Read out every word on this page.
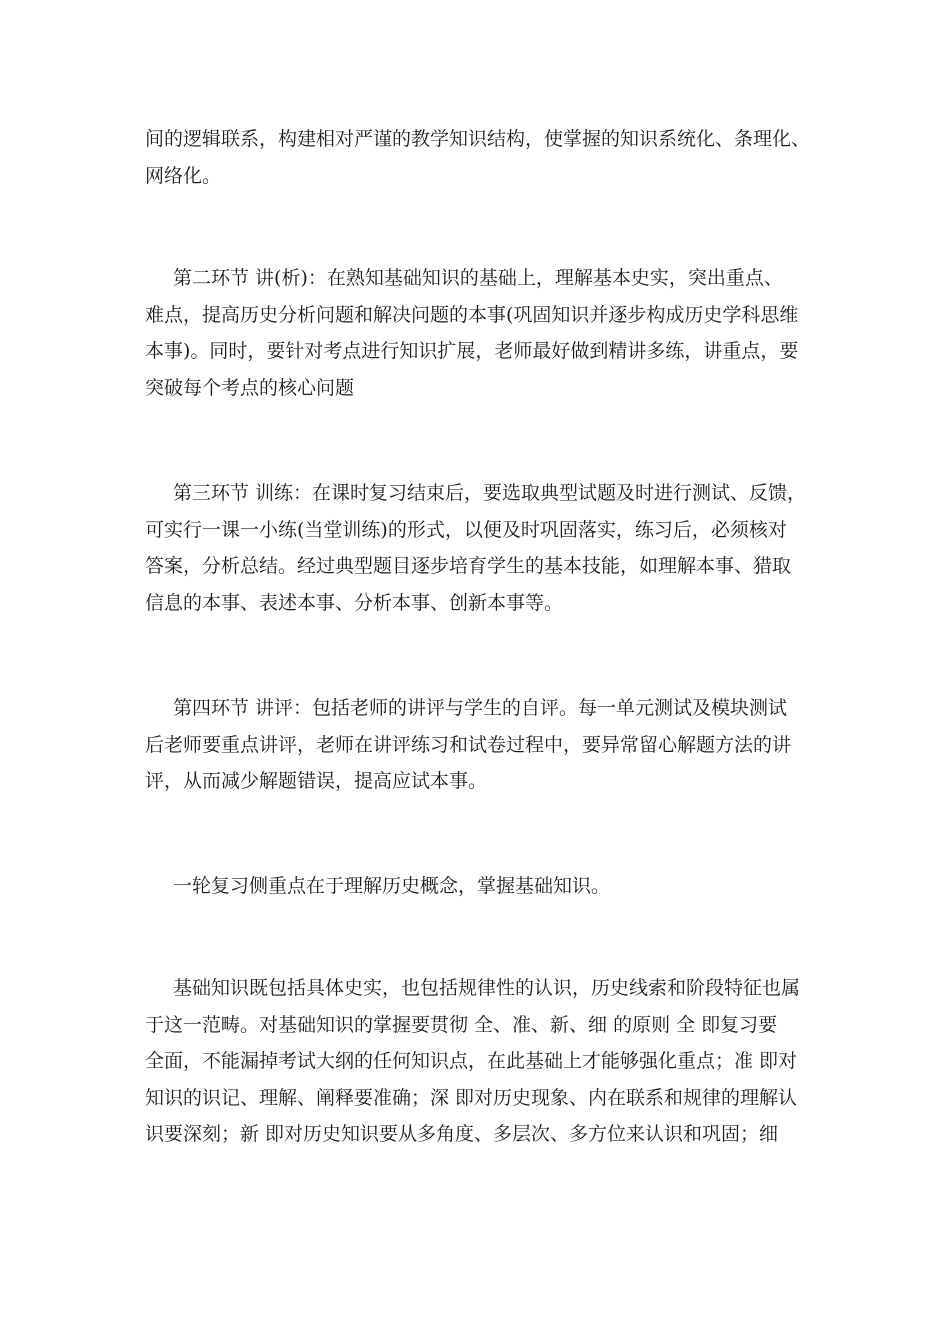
间的逻辑联系，构建相对严谨的教学知识结构，使掌握的知识系统化、条理化、
网络化。
第二环节 讲(析)：在熟知基础知识的基础上，理解基本史实，突出重点、
难点，提高历史分析问题和解决问题的本事(巩固知识并逐步构成历史学科思维
本事)。同时，要针对考点进行知识扩展，老师最好做到精讲多练，讲重点，要
突破每个考点的核心问题
第三环节 训练：在课时复习结束后，要选取典型试题及时进行测试、反馈，
可实行一课一小练(当堂训练)的形式，以便及时巩固落实，练习后，必须核对
答案，分析总结。经过典型题目逐步培育学生的基本技能，如理解本事、猎取
信息的本事、表述本事、分析本事、创新本事等。
第四环节 讲评：包括老师的讲评与学生的自评。每一单元测试及模块测试
后老师要重点讲评，老师在讲评练习和试卷过程中，要异常留心解题方法的讲
评，从而减少解题错误，提高应试本事。
一轮复习侧重点在于理解历史概念，掌握基础知识。
基础知识既包括具体史实，也包括规律性的认识，历史线索和阶段特征也属
于这一范畴。对基础知识的掌握要贯彻 全、准、新、细 的原则 全 即复习要
全面，不能漏掉考试大纲的任何知识点，在此基础上才能够强化重点；准 即对
知识的识记、理解、阐释要准确；深 即对历史现象、内在联系和规律的理解认
识要深刻；新 即对历史知识要从多角度、多层次、多方位来认识和巩固；细
